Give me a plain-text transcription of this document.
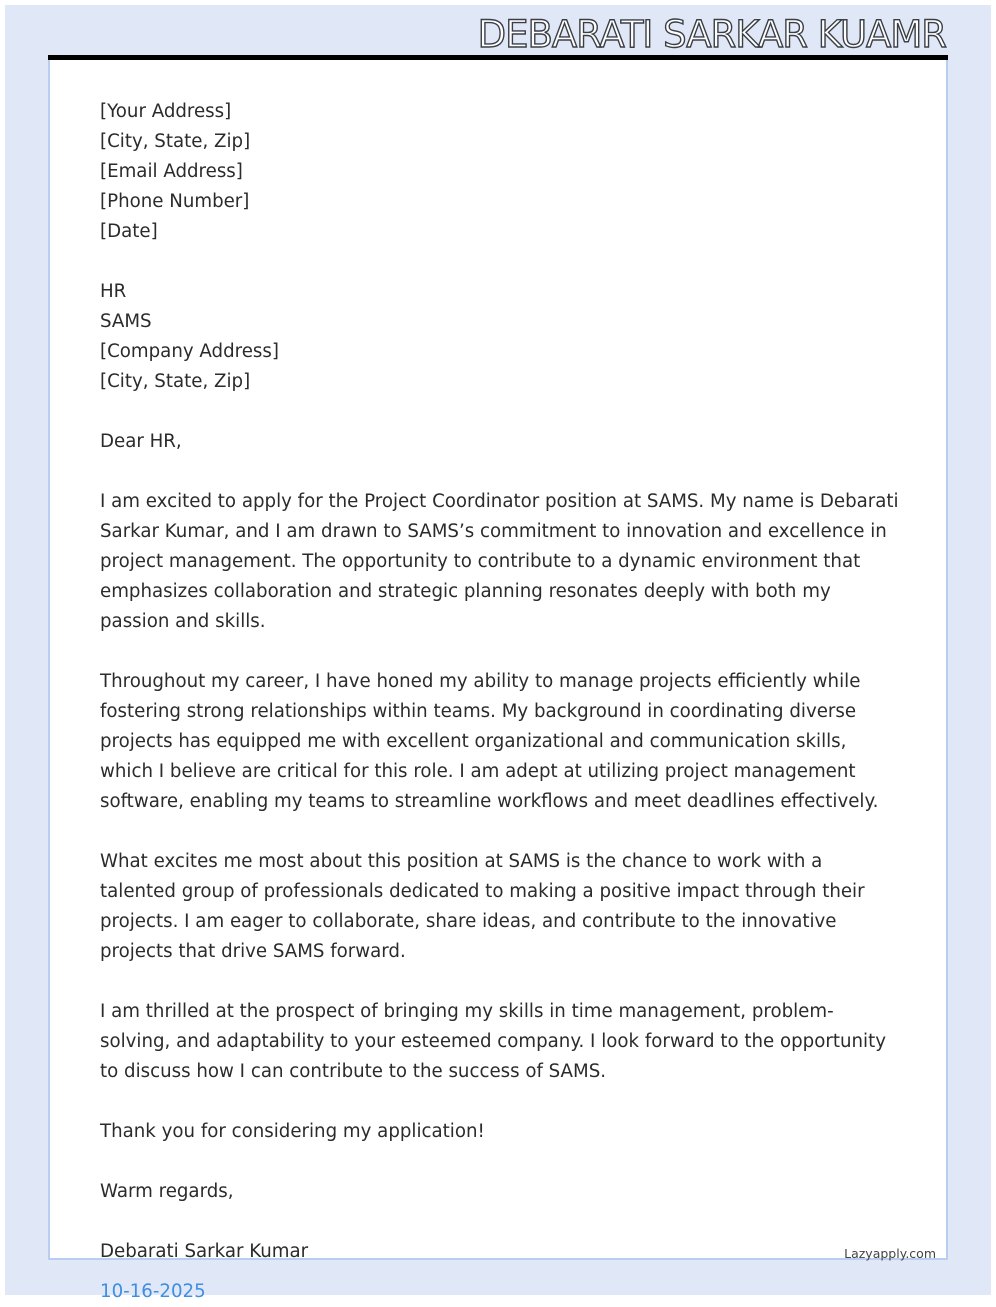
DEBARATI SARKAR KUAMR
[Your Address]
[City, State, Zip]
[Email Address]
[Phone Number]
[Date]
HR
SAMS
[Company Address]
[City, State, Zip]
Dear HR,

I am excited to apply for the Project Coordinator position at SAMS. My name is Debarati Sarkar Kumar, and I am drawn to SAMS’s commitment to innovation and excellence in project management. The opportunity to contribute to a dynamic environment that emphasizes collaboration and strategic planning resonates deeply with both my passion and skills.

Throughout my career, I have honed my ability to manage projects efficiently while fostering strong relationships within teams. My background in coordinating diverse projects has equipped me with excellent organizational and communication skills, which I believe are critical for this role. I am adept at utilizing project management software, enabling my teams to streamline workflows and meet deadlines effectively.

What excites me most about this position at SAMS is the chance to work with a talented group of professionals dedicated to making a positive impact through their projects. I am eager to collaborate, share ideas, and contribute to the innovative projects that drive SAMS forward.

I am thrilled at the prospect of bringing my skills in time management, problem-solving, and adaptability to your esteemed company. I look forward to the opportunity to discuss how I can contribute to the success of SAMS.

Thank you for considering my application!
Warm regards,
Debarati Sarkar Kumar
10-16-2025
Lazyapply.com
